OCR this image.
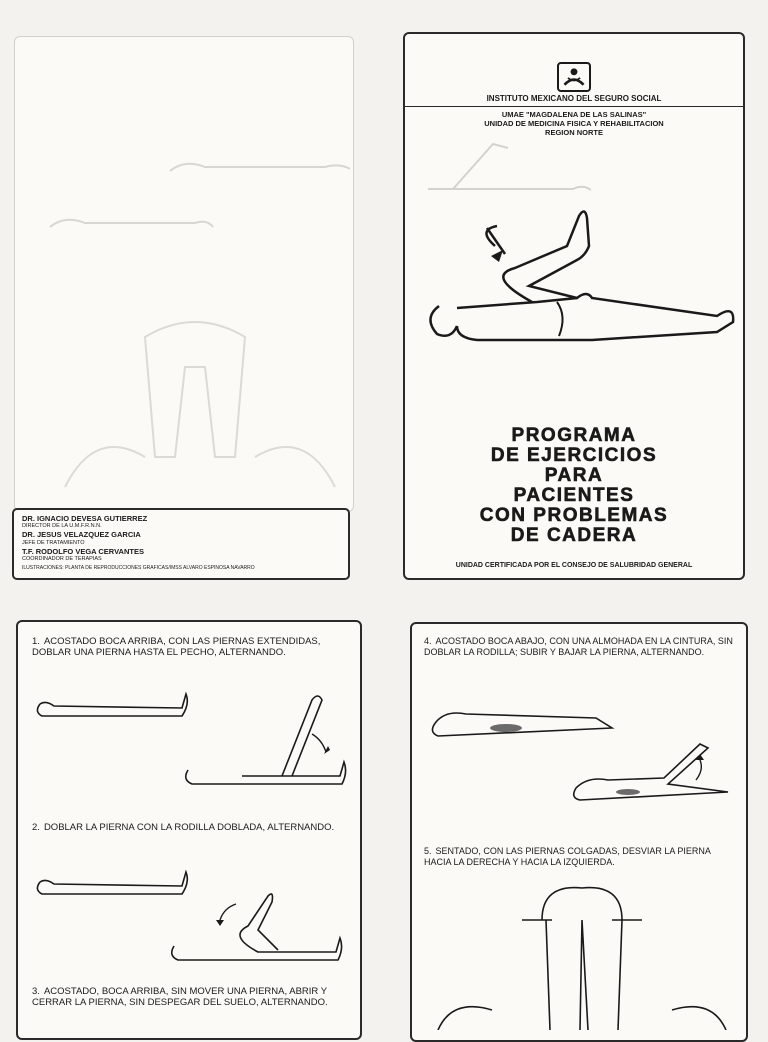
DR. IGNACIO DEVESA GUTIERREZ
DIRECTOR DE LA U.M.F.R.N.N.
DR. JESUS VELAZQUEZ GARCIA
JEFE DE TRATAMIENTO
T.F. RODOLFO VEGA CERVANTES
COORDINADOR DE TERAPIAS
ILUSTRACIONES: PLANTA DE REPRODUCCIONES GRAFICAS/IMSS ALVARO ESPINOSA NAVARRO
INSTITUTO MEXICANO DEL SEGURO SOCIAL
UMAE "MAGDALENA DE LAS SALINAS"
UNIDAD DE MEDICINA FISICA Y REHABILITACION
REGION NORTE
PROGRAMA
DE EJERCICIOS
PARA
PACIENTES
CON PROBLEMAS
DE CADERA
UNIDAD CERTIFICADA POR EL CONSEJO DE SALUBRIDAD GENERAL
1. ACOSTADO BOCA ARRIBA, CON LAS PIERNAS EXTENDIDAS, DOBLAR UNA PIERNA HASTA EL PECHO, ALTERNANDO.
2. DOBLAR LA PIERNA CON LA RODILLA DOBLADA, ALTERNANDO.
3. ACOSTADO, BOCA ARRIBA, SIN MOVER UNA PIERNA, ABRIR Y CERRAR LA PIERNA, SIN DESPEGAR DEL SUELO, ALTERNANDO.
4. ACOSTADO BOCA ABAJO, CON UNA ALMOHADA EN LA CINTURA, SIN DOBLAR LA RODILLA; SUBIR Y BAJAR LA PIERNA, ALTERNANDO.
5. SENTADO, CON LAS PIERNAS COLGADAS, DESVIAR LA PIERNA HACIA LA DERECHA Y HACIA LA IZQUIERDA.
